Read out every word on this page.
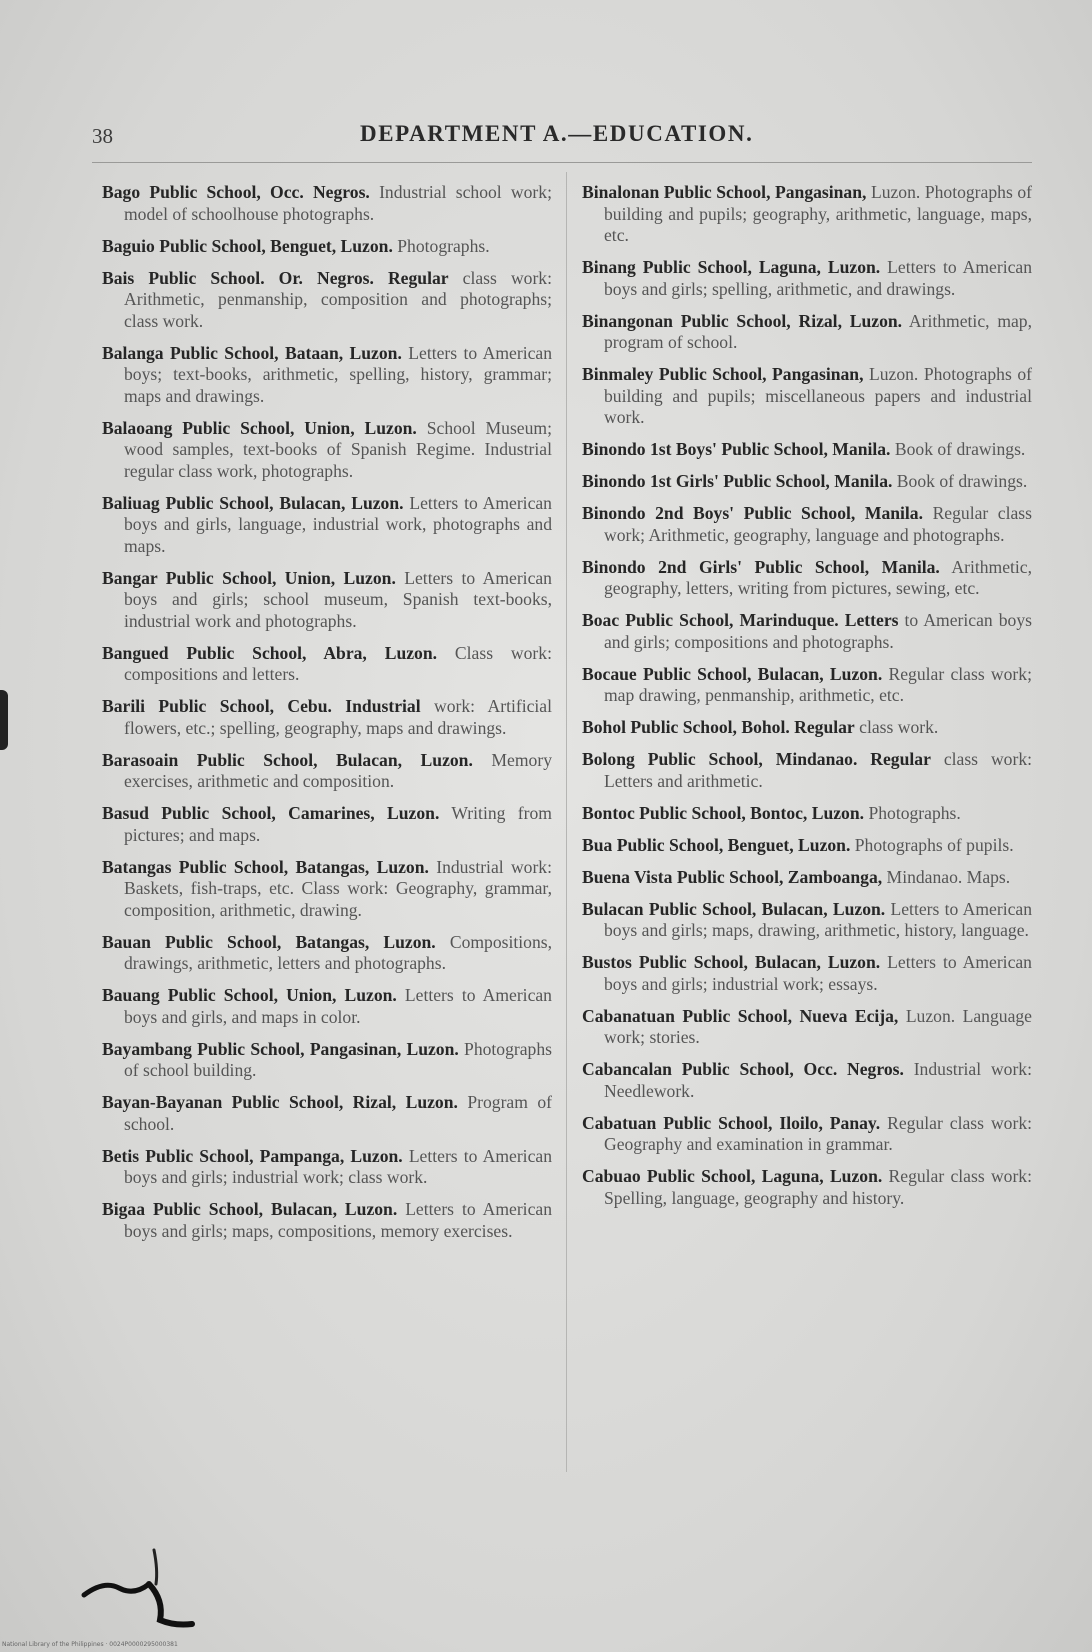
38	DEPARTMENT A.—EDUCATION.

Bago Public School, Occ. Negros. Industrial school work; model of schoolhouse photographs.

Baguio Public School, Benguet, Luzon. Photographs.

Bais Public School. Or. Negros. Regular class work: Arithmetic, penmanship, composition and photographs; class work.

Balanga Public School, Bataan, Luzon. Letters to American boys; text-books, arithmetic, spelling, history, grammar; maps and drawings.

Balaoang Public School, Union, Luzon. School Museum; wood samples, text-books of Spanish Regime. Industrial regular class work, photographs.

Baliuag Public School, Bulacan, Luzon. Letters to American boys and girls, language, industrial work, photographs and maps.

Bangar Public School, Union, Luzon. Letters to American boys and girls; school museum, Spanish text-books, industrial work and photographs.

Bangued Public School, Abra, Luzon. Class work: compositions and letters.

Barili Public School, Cebu. Industrial work: Artificial flowers, etc.; spelling, geography, maps and drawings.

Barasoain Public School, Bulacan, Luzon. Memory exercises, arithmetic and composition.

Basud Public School, Camarines, Luzon. Writing from pictures; and maps.

Batangas Public School, Batangas, Luzon. Industrial work: Baskets, fish-traps, etc. Class work: Geography, grammar, composition, arithmetic, drawing.

Bauan Public School, Batangas, Luzon. Compositions, drawings, arithmetic, letters and photographs.

Bauang Public School, Union, Luzon. Letters to American boys and girls, and maps in color.

Bayambang Public School, Pangasinan, Luzon. Photographs of school building.

Bayan-Bayanan Public School, Rizal, Luzon. Program of school.

Betis Public School, Pampanga, Luzon. Letters to American boys and girls; industrial work; class work.

Bigaa Public School, Bulacan, Luzon. Letters to American boys and girls; maps, compositions, memory exercises.

Binalonan Public School, Pangasinan, Luzon. Photographs of building and pupils; geography, arithmetic, language, maps, etc.

Binang Public School, Laguna, Luzon. Letters to American boys and girls; spelling, arithmetic, and drawings.

Binangonan Public School, Rizal, Luzon. Arithmetic, map, program of school.

Binmaley Public School, Pangasinan, Luzon. Photographs of building and pupils; miscellaneous papers and industrial work.

Binondo 1st Boys' Public School, Manila. Book of drawings.

Binondo 1st Girls' Public School, Manila. Book of drawings.

Binondo 2nd Boys' Public School, Manila. Regular class work; Arithmetic, geography, language and photographs.

Binondo 2nd Girls' Public School, Manila. Arithmetic, geography, letters, writing from pictures, sewing, etc.

Boac Public School, Marinduque. Letters to American boys and girls; compositions and photographs.

Bocaue Public School, Bulacan, Luzon. Regular class work; map drawing, penmanship, arithmetic, etc.

Bohol Public School, Bohol. Regular class work.

Bolong Public School, Mindanao. Regular class work: Letters and arithmetic.

Bontoc Public School, Bontoc, Luzon. Photographs.

Bua Public School, Benguet, Luzon. Photographs of pupils.

Buena Vista Public School, Zamboanga, Mindanao. Maps.

Bulacan Public School, Bulacan, Luzon. Letters to American boys and girls; maps, drawing, arithmetic, history, language.

Bustos Public School, Bulacan, Luzon. Letters to American boys and girls; industrial work; essays.

Cabanatuan Public School, Nueva Ecija, Luzon. Language work; stories.

Cabancalan Public School, Occ. Negros. Industrial work: Needlework.

Cabatuan Public School, Iloilo, Panay. Regular class work: Geography and examination in grammar.

Cabuao Public School, Laguna, Luzon. Regular class work: Spelling, language, geography and history.

National Library of the Philippines · 0024P0000295000381
